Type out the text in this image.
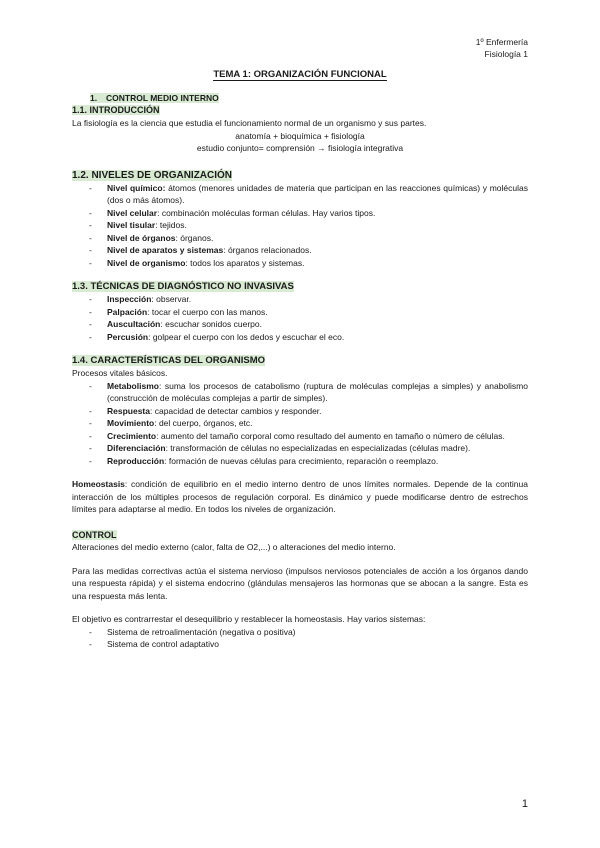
1º Enfermería
Fisiología 1
TEMA 1: ORGANIZACIÓN FUNCIONAL
1. CONTROL MEDIO INTERNO
1.1. INTRODUCCIÓN

La fisiología es la ciencia que estudia el funcionamiento normal de un organismo y sus partes.

anatomía + bioquímica + fisiología

estudio conjunto= comprensión → fisiología integrativa

1.2. NIVELES DE ORGANIZACIÓN
- Nivel químico: átomos (menores unidades de materia que participan en las reacciones químicas) y moléculas (dos o más átomos).
- Nivel celular: combinación moléculas forman células. Hay varios tipos.
- Nivel tisular: tejidos.
- Nivel de órganos: órganos.
- Nivel de aparatos y sistemas: órganos relacionados.
- Nivel de organismo: todos los aparatos y sistemas.
1.3. TÉCNICAS DE DIAGNÓSTICO NO INVASIVAS
- Inspección: observar.
- Palpación: tocar el cuerpo con las manos.
- Auscultación: escuchar sonidos cuerpo.
- Percusión: golpear el cuerpo con los dedos y escuchar el eco.
1.4. CARACTERÍSTICAS DEL ORGANISMO

Procesos vitales básicos.

- Metabolismo: suma los procesos de catabolismo (ruptura de moléculas complejas a simples) y anabolismo (construcción de moléculas complejas a partir de simples).
- Respuesta: capacidad de detectar cambios y responder.
- Movimiento: del cuerpo, órganos, etc.
- Crecimiento: aumento del tamaño corporal como resultado del aumento en tamaño o número de células.
- Diferenciación: transformación de células no especializadas en especializadas (células madre).
- Reproducción: formación de nuevas células para crecimiento, reparación o reemplazo.

Homeostasis: condición de equilibrio en el medio interno dentro de unos límites normales. Depende de la continua interacción de los múltiples procesos de regulación corporal. Es dinámico y puede modificarse dentro de estrechos límites para adaptarse al medio. En todos los niveles de organización.

CONTROL

Alteraciones del medio externo (calor, falta de O2,...) o alteraciones del medio interno.

Para las medidas correctivas actúa el sistema nervioso (impulsos nerviosos potenciales de acción a los órganos dando una respuesta rápida) y el sistema endocrino (glándulas mensajeros las hormonas que se abocan a la sangre. Esta es una respuesta más lenta.

El objetivo es contrarrestar el desequilibrio y restablecer la homeostasis. Hay varios sistemas:

- Sistema de retroalimentación (negativa o positiva)
- Sistema de control adaptativo
1
